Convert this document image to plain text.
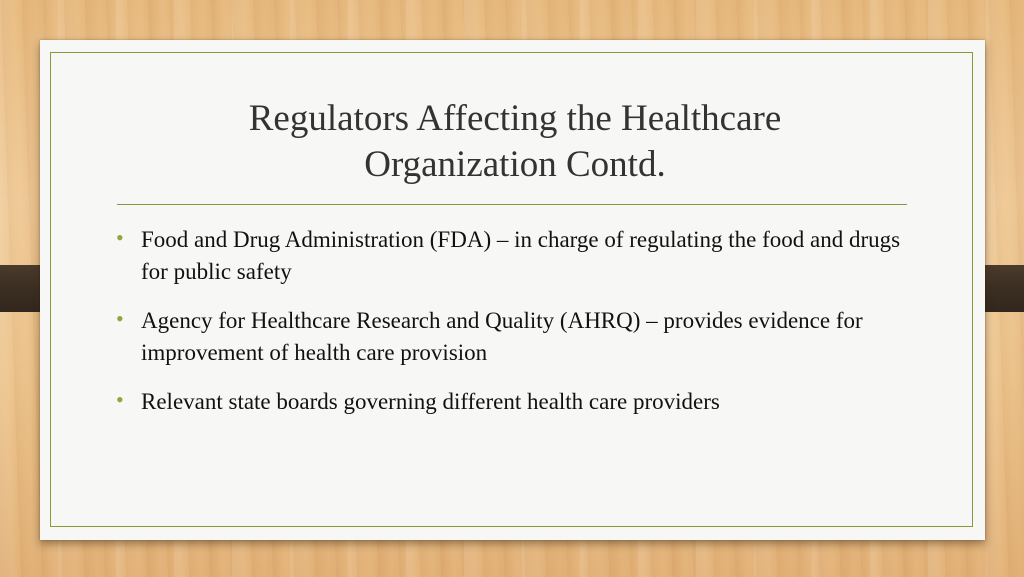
Regulators Affecting the Healthcare
Organization Contd.
• Food and Drug Administration (FDA) – in charge of regulating the food and drugs for public safety
• Agency for Healthcare Research and Quality (AHRQ) – provides evidence for improvement of health care provision
• Relevant state boards governing different health care providers
